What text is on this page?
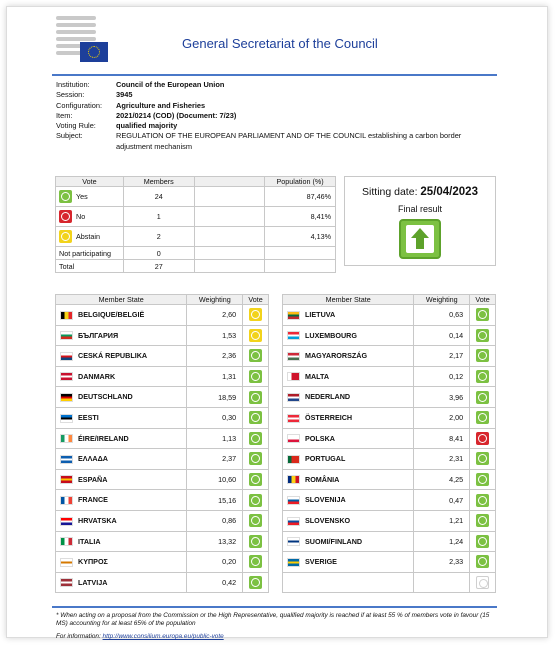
General Secretariat of the Council
Institution:	Council of the European Union
Session:	3945
Configuration:	Agriculture and Fisheries
Item:	2021/0214 (COD) (Document: 7/23)
Voting Rule:	qualified majority
Subject:	REGULATION OF THE EUROPEAN PARLIAMENT AND OF THE COUNCIL establishing a carbon border adjustment mechanism
Vote	Members		Population (%)

Yes	24		87,46%

No	1		8,41%

Abstain	2		4,13%

Not participating	0		

Total	27		
Sitting date: 25/04/2023
Final result
Member State	Weighting	Vote
BELGIQUE/BELGIË	2,60	
БЪЛГАРИЯ	1,53	
CESKÁ REPUBLIKA	2,36	
DANMARK	1,31	
DEUTSCHLAND	18,59	
EESTI	0,30	
ÉIRE/IRELAND	1,13	
ΕΛΛΑΔΑ	2,37	
ESPAÑA	10,60	
FRANCE	15,16	
HRVATSKA	0,86	
ITALIA	13,32	
ΚΥΠΡΟΣ	0,20	
LATVIJA	0,42	
Member State	Weighting	Vote
LIETUVA	0,63	
LUXEMBOURG	0,14	
MAGYARORSZÁG	2,17	
MALTA	0,12	
NEDERLAND	3,96	
ÖSTERREICH	2,00	
POLSKA	8,41	
PORTUGAL	2,31	
ROMÂNIA	4,25	
SLOVENIJA	0,47	
SLOVENSKO	1,21	
SUOMI/FINLAND	1,24	
SVERIGE	2,33	

* When acting on a proposal from the Commission or the High Representative, qualified majority is reached if at least 55 % of members vote in favour (15 MS) accounting for at least 65% of the population
For information: http://www.consilium.europa.eu/public-vote
